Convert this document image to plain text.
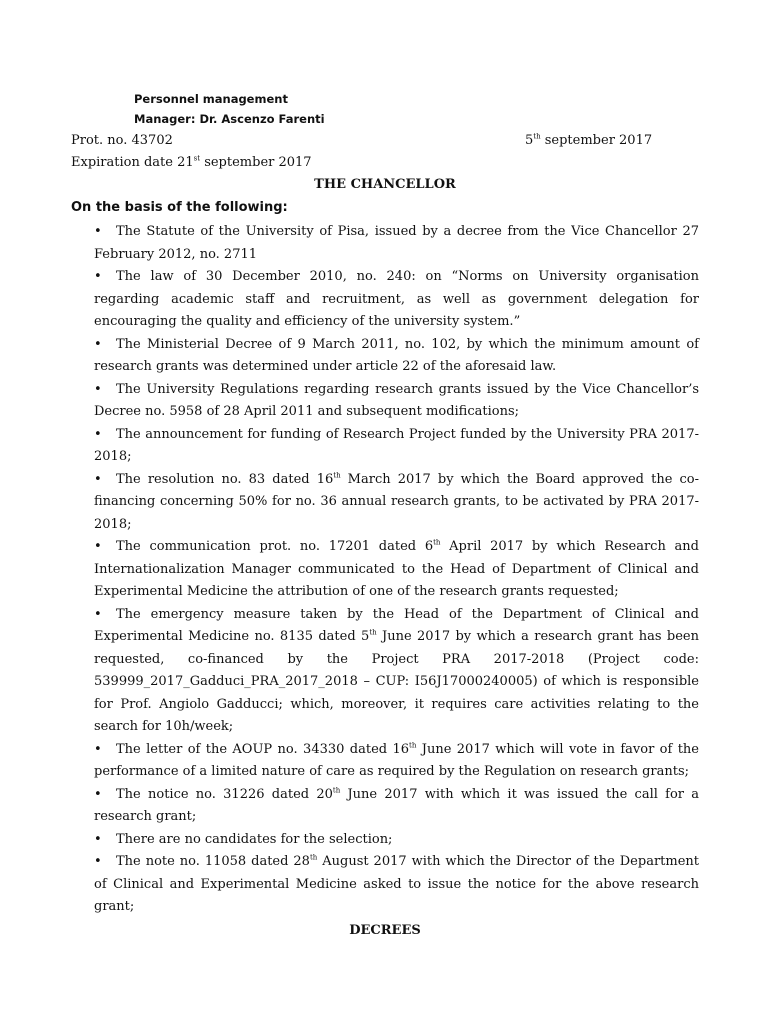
Personnel management
Manager: Dr. Ascenzo Farenti
Prot. no. 43702	5th september 2017
Expiration date 21st september 2017
THE CHANCELLOR
On the basis of the following:
• The Statute of the University of Pisa, issued by a decree from the Vice Chancellor 27 February 2012, no. 2711
• The law of 30 December 2010, no. 240: on “Norms on University organisation regarding academic staff and recruitment, as well as government delegation for encouraging the quality and efficiency of the university system.”
• The Ministerial Decree of 9 March 2011, no. 102, by which the minimum amount of research grants was determined under article 22 of the aforesaid law.
• The University Regulations regarding research grants issued by the Vice Chancellor’s Decree no. 5958 of 28 April 2011 and subsequent modifications;
• The announcement for funding of Research Project funded by the University PRA 2017-2018;
• The resolution no. 83 dated 16th March 2017 by which the Board approved the co-financing concerning 50% for no. 36 annual research grants, to be activated by PRA 2017-2018;
• The communication prot. no. 17201 dated 6th April 2017 by which Research and Internationalization Manager communicated to the Head of Department of Clinical and Experimental Medicine the attribution of one of the research grants requested;
• The emergency measure taken by the Head of the Department of Clinical and Experimental Medicine no. 8135 dated 5th June 2017 by which a research grant has been requested, co-financed by the Project PRA 2017-2018 (Project code: 539999_2017_Gadduci_PRA_2017_2018 – CUP: I56J17000240005) of which is responsible for Prof. Angiolo Gadducci; which, moreover, it requires care activities relating to the search for 10h/week;
• The letter of the AOUP no. 34330 dated 16th June 2017 which will vote in favor of the performance of a limited nature of care as required by the Regulation on research grants;
• The notice no. 31226 dated 20th June 2017 with which it was issued the call for a research grant;
• There are no candidates for the selection;
• The note no. 11058 dated 28th August 2017 with which the Director of the Department of Clinical and Experimental Medicine asked to issue the notice for the above research grant;
DECREES
